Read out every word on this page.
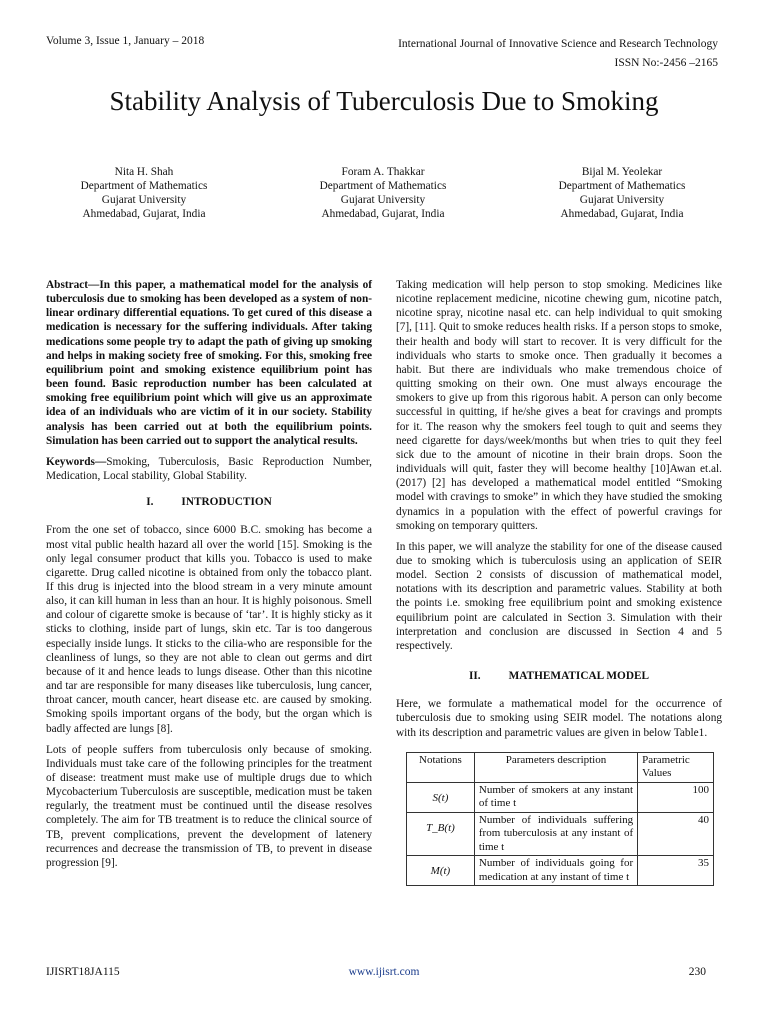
Volume 3, Issue 1, January – 2018	International Journal of Innovative Science and Research Technology
ISSN No:-2456 –2165
Stability Analysis of Tuberculosis Due to Smoking
Nita H. Shah
Department of Mathematics
Gujarat University
Ahmedabad, Gujarat, India
Foram A. Thakkar
Department of Mathematics
Gujarat University
Ahmedabad, Gujarat, India
Bijal M. Yeolekar
Department of Mathematics
Gujarat University
Ahmedabad, Gujarat, India

Abstract—In this paper, a mathematical model for the analysis of tuberculosis due to smoking has been developed as a system of non-linear ordinary differential equations. To get cured of this disease a medication is necessary for the suffering individuals. After taking medications some people try to adapt the path of giving up smoking and helps in making society free of smoking. For this, smoking free equilibrium point and smoking existence equilibrium point has been found. Basic reproduction number has been calculated at smoking free equilibrium point which will give us an approximate idea of an individuals who are victim of it in our society. Stability analysis has been carried out at both the equilibrium points. Simulation has been carried out to support the analytical results.

Keywords—Smoking, Tuberculosis, Basic Reproduction Number, Medication, Local stability, Global Stability.

I. INTRODUCTION

From the one set of tobacco, since 6000 B.C. smoking has become a most vital public health hazard all over the world [15]. Smoking is the only legal consumer product that kills you. Tobacco is used to make cigarette. Drug called nicotine is obtained from only the tobacco plant. If this drug is injected into the blood stream in a very minute amount also, it can kill human in less than an hour. It is highly poisonous. Smell and colour of cigarette smoke is because of ‘tar’. It is highly sticky as it sticks to clothing, inside part of lungs, skin etc. Tar is too dangerous especially inside lungs. It sticks to the cilia-who are responsible for the cleanliness of lungs, so they are not able to clean out germs and dirt because of it and hence leads to lungs disease. Other than this nicotine and tar are responsible for many diseases like tuberculosis, lung cancer, throat cancer, mouth cancer, heart disease etc. are caused by smoking. Smoking spoils important organs of the body, but the organ which is badly affected are lungs [8].

Lots of people suffers from tuberculosis only because of smoking. Individuals must take care of the following principles for the treatment of disease: treatment must make use of multiple drugs due to which Mycobacterium Tuberculosis are susceptible, medication must be taken regularly, the treatment must be continued until the disease resolves completely. The aim for TB treatment is to reduce the clinical source of TB, prevent complications, prevent the development of latenery recurrences and decrease the transmission of TB, to prevent in disease progression [9].

Taking medication will help person to stop smoking. Medicines like nicotine replacement medicine, nicotine chewing gum, nicotine patch, nicotine spray, nicotine nasal etc. can help individual to quit smoking [7], [11]. Quit to smoke reduces health risks. If a person stops to smoke, their health and body will start to recover. It is very difficult for the individuals who starts to smoke once. Then gradually it becomes a habit. But there are individuals who make tremendous choice of quitting smoking on their own. One must always encourage the smokers to give up from this rigorous habit. A person can only become successful in quitting, if he/she gives a beat for cravings and prompts for it. The reason why the smokers feel tough to quit and seems they need cigarette for days/week/months but when tries to quit they feel sick due to the amount of nicotine in their brain drops. Soon the individuals will quit, faster they will become healthy [10]Awan et.al.(2017) [2] has developed a mathematical model entitled “Smoking model with cravings to smoke” in which they have studied the smoking dynamics in a population with the effect of powerful cravings for smoking on temporary quitters.

In this paper, we will analyze the stability for one of the disease caused due to smoking which is tuberculosis using an application of SEIR model. Section 2 consists of discussion of mathematical model, notations with its description and parametric values. Stability at both the points i.e. smoking free equilibrium point and smoking existence equilibrium point are calculated in Section 3. Simulation with their interpretation and conclusion are discussed in Section 4 and 5 respectively.

II. MATHEMATICAL MODEL

Here, we formulate a mathematical model for the occurrence of tuberculosis due to smoking using SEIR model. The notations along with its description and parametric values are given in below Table1.

Notations	Parameters description	Parametric Values
S(t)	Number of smokers at any instant of time t	100
T_B(t)	Number of individuals suffering from tuberculosis at any instant of time t	40
M(t)	Number of individuals going for medication at any instant of time t	35
IJISRT18JA115	www.ijisrt.com	230
